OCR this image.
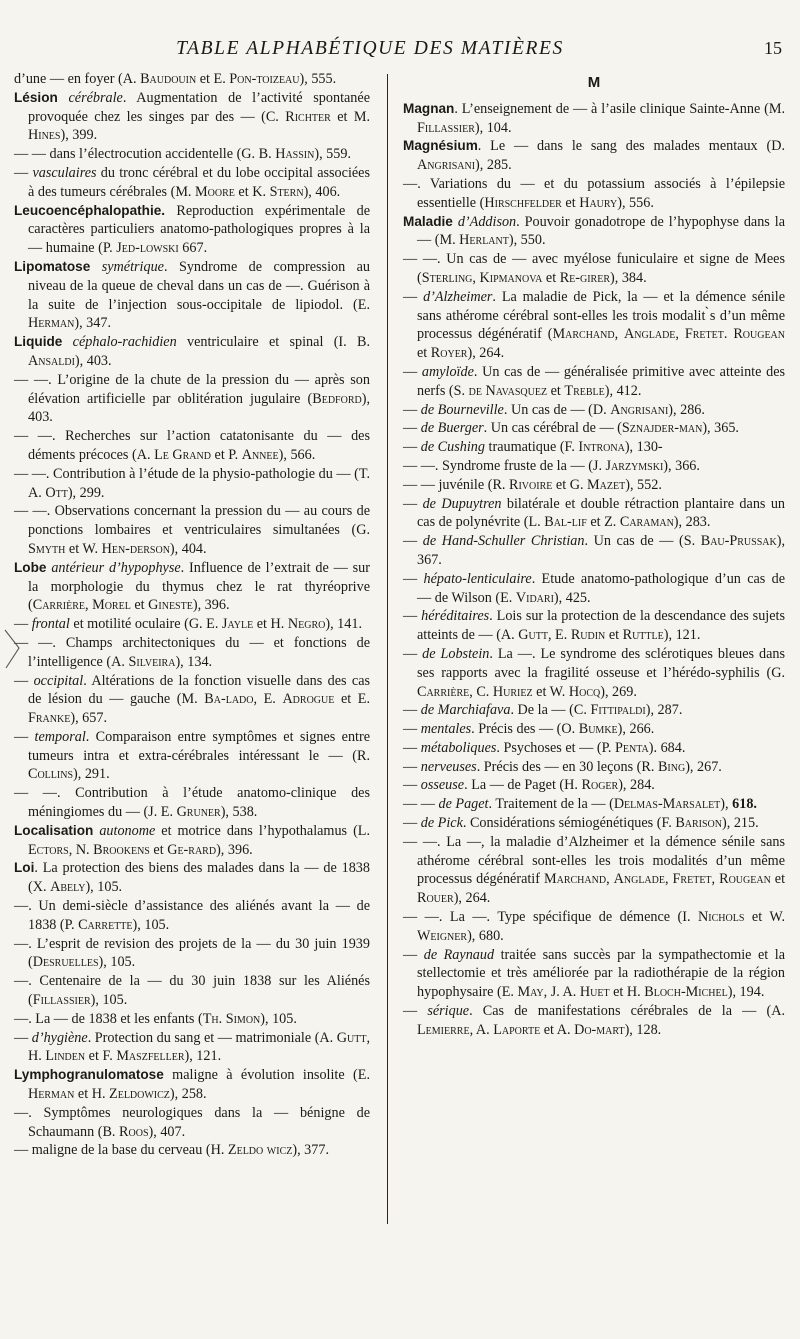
TABLE ALPHABÉTIQUE DES MATIÈRES	15

d’une — en foyer (A. Baudouin et E. Pon-toizeau), 555.

Lésion cérébrale. Augmentation de l’activité spontanée provoquée chez les singes par des — (C. Richter et M. Hines), 399.

— — dans l’électrocution accidentelle (G. B. Hassin), 559.

— vasculaires du tronc cérébral et du lobe occipital associées à des tumeurs cérébrales (M. Moore et K. Stern), 406.

Leucoencéphalopathie. Reproduction expérimentale de caractères particuliers anatomo-pathologiques propres à la — humaine (P. Jed-lowski 667.

Lipomatose symétrique. Syndrome de compression au niveau de la queue de cheval dans un cas de —. Guérison à la suite de l’injection sous-occipitale de lipiodol. (E. Herman), 347.

Liquide céphalo-rachidien ventriculaire et spinal (I. B. Ansaldi), 403.

— —. L’origine de la chute de la pression du — après son élévation artificielle par oblitération jugulaire (Bedford), 403.

— —. Recherches sur l’action catatonisante du — des déments précoces (A. Le Grand et P. Annee), 566.

— —. Contribution à l’étude de la physio-pathologie du — (T. A. Ott), 299.

— —. Observations concernant la pression du — au cours de ponctions lombaires et ventriculaires simultanées (G. Smyth et W. Hen-derson), 404.

Lobe antérieur d’hypophyse. Influence de l’extrait de — sur la morphologie du thymus chez le rat thyréoprive (Carrière, Morel et Gineste), 396.

— frontal et motilité oculaire (G. E. Jayle et H. Negro), 141.

— —. Champs architectoniques du — et fonctions de l’intelligence (A. Silveira), 134.

— occipital. Altérations de la fonction visuelle dans des cas de lésion du — gauche (M. Ba-lado, E. Adrogue et E. Franke), 657.

— temporal. Comparaison entre symptômes et signes entre tumeurs intra et extra-cérébrales intéressant le — (R. Collins), 291.

— —. Contribution à l’étude anatomo-clinique des méningiomes du — (J. E. Gruner), 538.

Localisation autonome et motrice dans l’hypothalamus (L. Ectors, N. Brookens et Ge-rard), 396.

Loi. La protection des biens des malades dans la — de 1838 (X. Abely), 105.

—. Un demi-siècle d’assistance des aliénés avant la — de 1838 (P. Carrette), 105.

—. L’esprit de revision des projets de la — du 30 juin 1939 (Desruelles), 105.

—. Centenaire de la — du 30 juin 1838 sur les Aliénés (Fillassier), 105.

—. La — de 1838 et les enfants (Th. Simon), 105.

— d’hygiène. Protection du sang et — matrimoniale (A. Gutt, H. Linden et F. Maszfeller), 121.

Lymphogranulomatose maligne à évolution insolite (E. Herman et H. Zeldowicz), 258.

—. Symptômes neurologiques dans la — bénigne de Schaumann (B. Roos), 407.

— maligne de la base du cerveau (H. Zeldo wicz), 377.

M

Magnan. L’enseignement de — à l’asile clinique Sainte-Anne (M. Fillassier), 104.

Magnésium. Le — dans le sang des malades mentaux (D. Angrisani), 285.

—. Variations du — et du potassium associés à l’épilepsie essentielle (Hirschfelder et Haury), 556.

Maladie d’Addison. Pouvoir gonadotrope de l’hypophyse dans la — (M. Herlant), 550.

— —. Un cas de — avec myélose funiculaire et signe de Mees (Sterling, Kipmanova et Re-girer), 384.

— d’Alzheimer. La maladie de Pick, la — et la démence sénile sans athérome cérébral sont-elles les trois modalit ̀s d’un même processus dégénératif (Marchand, Anglade, Fretet. Rougean et Royer), 264.

— amyloïde. Un cas de — généralisée primitive avec atteinte des nerfs (S. de Navasquez et Treble), 412.

— de Bourneville. Un cas de — (D. Angrisani), 286.

— de Buerger. Un cas cérébral de — (Sznajder-man), 365.

— de Cushing traumatique (F. Introna), 130-

— —. Syndrome fruste de la — (J. Jarzymski), 366.

— — juvénile (R. Rivoire et G. Mazet), 552.

— de Dupuytren bilatérale et double rétraction plantaire dans un cas de polynévrite (L. Bal-lif et Z. Caraman), 283.

— de Hand-Schuller Christian. Un cas de — (S. Bau-Prussak), 367.

— hépato-lenticulaire. Etude anatomo-pathologique d’un cas de — de Wilson (E. Vidari), 425.

— héréditaires. Lois sur la protection de la descendance des sujets atteints de — (A. Gutt, E. Rudin et Ruttle), 121.

— de Lobstein. La —. Le syndrome des sclérotiques bleues dans ses rapports avec la fragilité osseuse et l’hérédo-syphilis (G. Carrière, C. Huriez et W. Hocq), 269.

— de Marchiafava. De la — (C. Fittipaldi), 287.

— mentales. Précis des — (O. Bumke), 266.

— métaboliques. Psychoses et — (P. Penta). 684.

— nerveuses. Précis des — en 30 leçons (R. Bing), 267.

— osseuse. La — de Paget (H. Roger), 284.

— — de Paget. Traitement de la — (Delmas-Marsalet), 618.

— de Pick. Considérations sémiogénétiques (F. Barison), 215.

— —. La —, la maladie d’Alzheimer et la démence sénile sans athérome cérébral sont-elles les trois modalités d’un même processus dégénératif Marchand, Anglade, Fretet, Rougean et Rouer), 264.

— —. La —. Type spécifique de démence (I. Nichols et W. Weigner), 680.

— de Raynaud traitée sans succès par la sympathectomie et la stellectomie et très améliorée par la radiothérapie de la région hypophysaire (E. May, J. A. Huet et H. Bloch-Michel), 194.

— sérique. Cas de manifestations cérébrales de la — (A. Lemierre, A. Laporte et A. Do-mart), 128.
